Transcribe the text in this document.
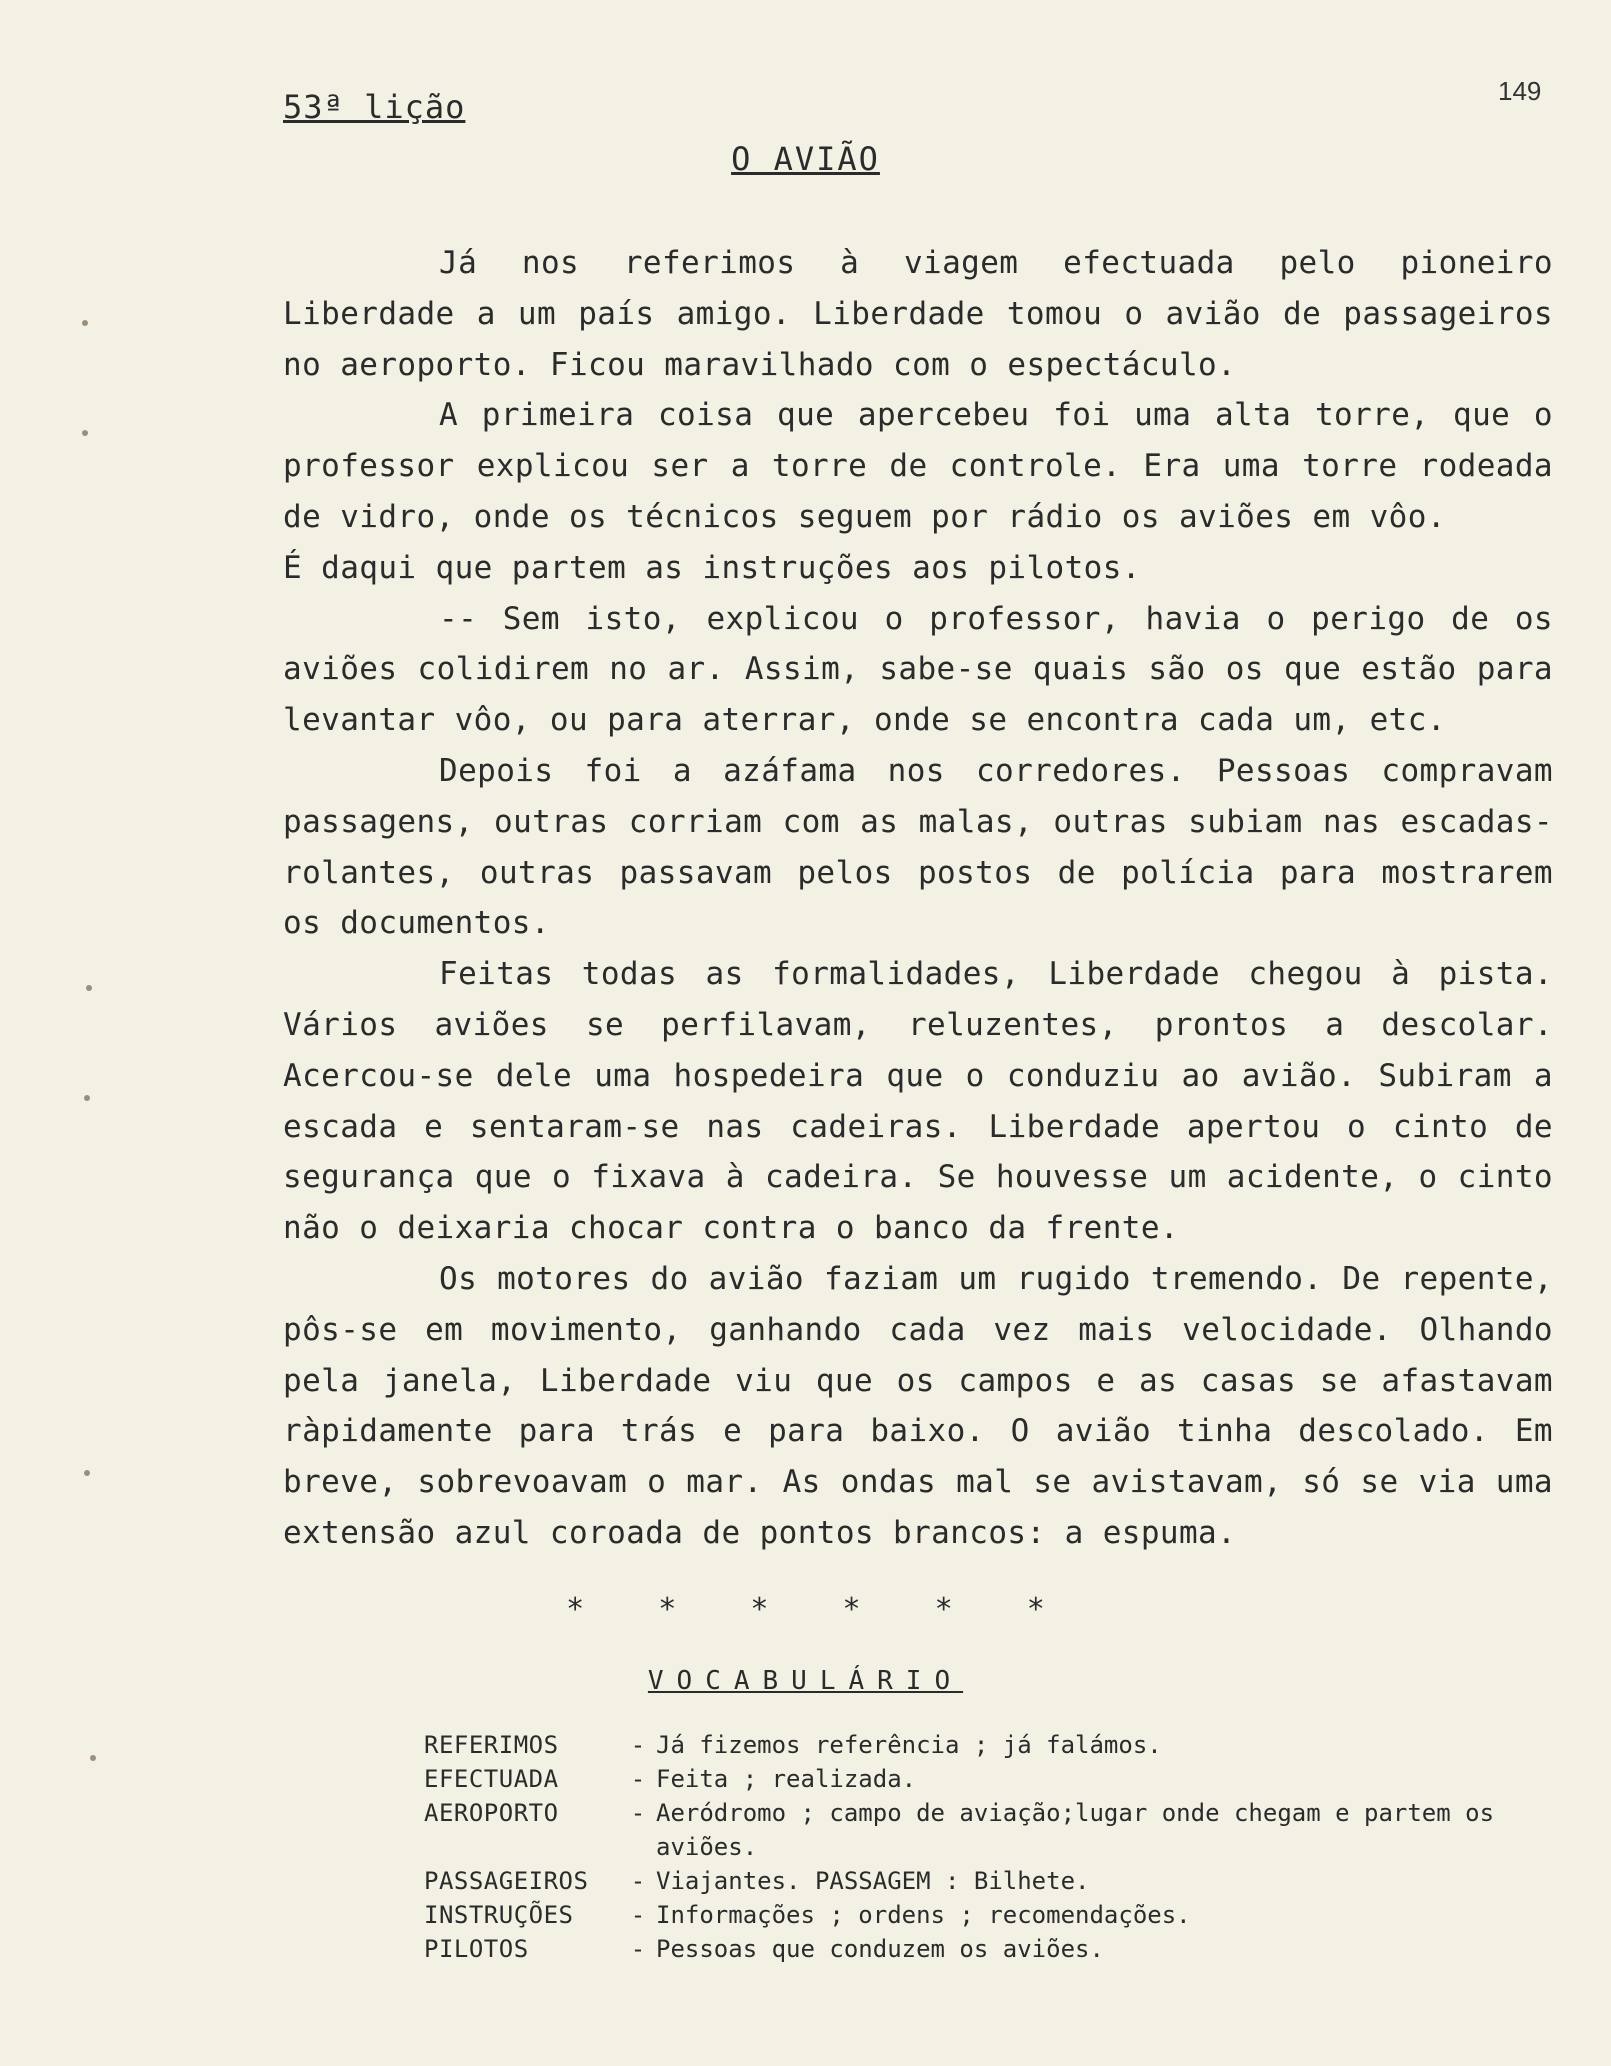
53ª lição	149
O AVIÃO

Já nos referimos à viagem efectuada pelo pioneiro Liberdade a um país amigo. Liberdade tomou o avião de passageiros no aeroporto. Ficou maravilhado com o espectáculo.

A primeira coisa que apercebeu foi uma alta torre, que o professor explicou ser a torre de controle. Era uma torre rodeada de vidro, onde os técnicos seguem por rádio os aviões em vôo.

É daqui que partem as instruções aos pilotos.

-- Sem isto, explicou o professor, havia o perigo de os aviões colidirem no ar. Assim, sabe-se quais são os que estão para levantar vôo, ou para aterrar, onde se encontra cada um, etc.

Depois foi a azáfama nos corredores. Pessoas compravam passagens, outras corriam com as malas, outras subiam nas escadas-rolantes, outras passavam pelos postos de polícia para mostrarem os documentos.

Feitas todas as formalidades, Liberdade chegou à pista. Vários aviões se perfilavam, reluzentes, prontos a descolar. Acercou-se dele uma hospedeira que o conduziu ao avião. Subiram a escada e sentaram-se nas cadeiras. Liberdade apertou o cinto de segurança que o fixava à cadeira. Se houvesse um acidente, o cinto não o deixaria chocar contra o banco da frente.

Os motores do avião faziam um rugido tremendo. De repente, pôs-se em movimento, ganhando cada vez mais velocidade. Olhando pela janela, Liberdade viu que os campos e as casas se afastavam ràpidamente para trás e para baixo. O avião tinha descolado. Em breve, sobrevoavam o mar. As ondas mal se avistavam, só se via uma extensão azul coroada de pontos brancos: a espuma.

* * * * * *
VOCABULÁRIO
REFERIMOS	- Já fizemos referência ; já falámos.
EFECTUADA	- Feita ; realizada.
AEROPORTO	- Aeródromo ; campo de aviação;lugar onde chegam e partem os aviões.
PASSAGEIROS	- Viajantes. PASSAGEM : Bilhete.
INSTRUÇÕES	- Informações ; ordens ; recomendações.
PILOTOS	- Pessoas que conduzem os aviões.
